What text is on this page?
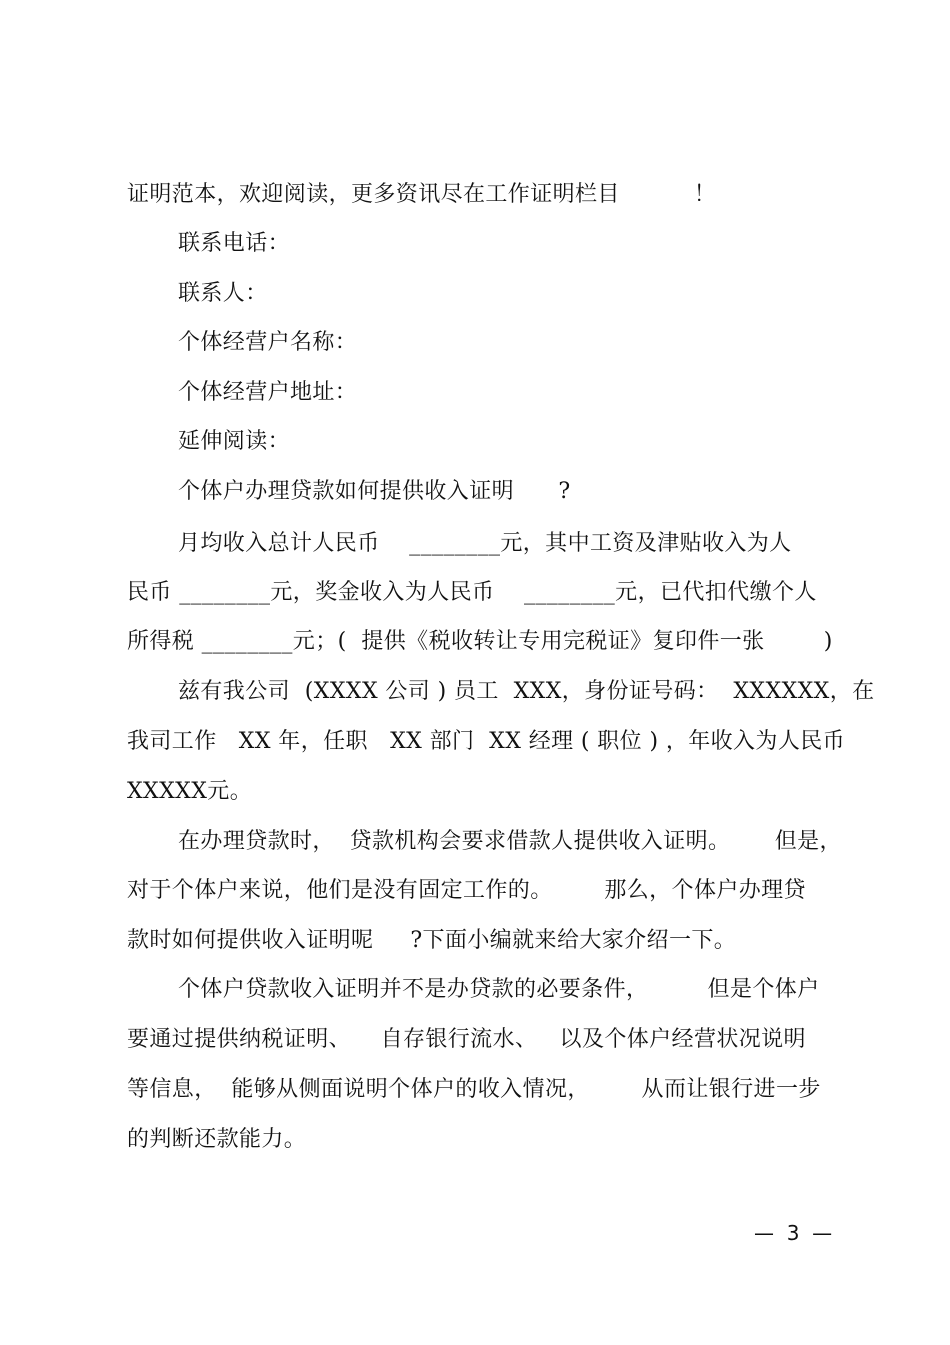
证明范本，欢迎阅读，更多资讯尽在工作证明栏目          ！
联系电话：
联系人：
个体经营户名称：
个体经营户地址：
延伸阅读：
个体户办理贷款如何提供收入证明      ?
月均收入总计人民币    ________元，其中工资及津贴收入为人
民币 ________元，奖金收入为人民币    ________元，已代扣代缴个人
所得税 ________元；(  提供《税收转让专用完税证》复印件一张        )
兹有我公司  (XXXX 公司 ) 员工  XXX，身份证号码：  XXXXXX，在
我司工作   XX 年，任职   XX 部门  XX 经理 ( 职位 ) ，年收入为人民币
XXXXX元。
在办理贷款时，  贷款机构会要求借款人提供收入证明。      但是，
对于个体户来说，他们是没有固定工作的。       那么，个体户办理贷
款时如何提供收入证明呢     ?下面小编就来给大家介绍一下。
个体户贷款收入证明并不是办贷款的必要条件，        但是个体户
要通过提供纳税证明、    自存银行流水、   以及个体户经营状况说明
等信息，  能够从侧面说明个体户的收入情况，       从而让银行进一步
的判断还款能力。
—  3  —
